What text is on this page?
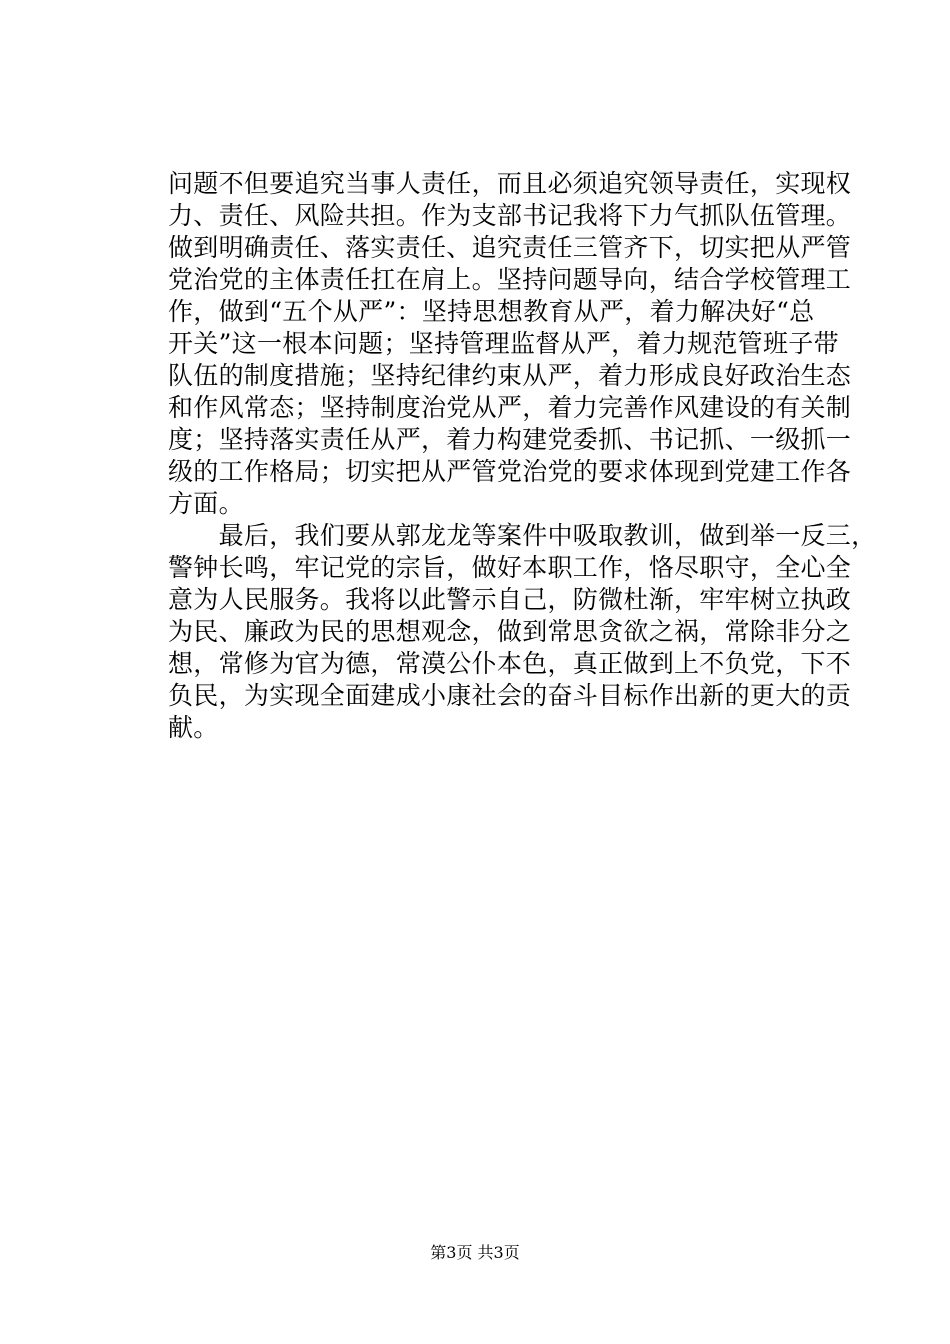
问题不但要追究当事人责任，而且必须追究领导责任，实现权
力、责任、风险共担。作为支部书记我将下力气抓队伍管理。
做到明确责任、落实责任、追究责任三管齐下，切实把从严管
党治党的主体责任扛在肩上。坚持问题导向，结合学校管理工
作，做到“五个从严”：坚持思想教育从严，着力解决好“总
开关”这一根本问题；坚持管理监督从严，着力规范管班子带
队伍的制度措施；坚持纪律约束从严，着力形成良好政治生态
和作风常态；坚持制度治党从严，着力完善作风建设的有关制
度；坚持落实责任从严，着力构建党委抓、书记抓、一级抓一
级的工作格局；切实把从严管党治党的要求体现到党建工作各
方面。
　　最后，我们要从郭龙龙等案件中吸取教训，做到举一反三，
警钟长鸣，牢记党的宗旨，做好本职工作，恪尽职守，全心全
意为人民服务。我将以此警示自己，防微杜渐，牢牢树立执政
为民、廉政为民的思想观念，做到常思贪欲之祸，常除非分之
想，常修为官为德，常漠公仆本色，真正做到上不负党，下不
负民，为实现全面建成小康社会的奋斗目标作出新的更大的贡
献。
第3页 共3页
